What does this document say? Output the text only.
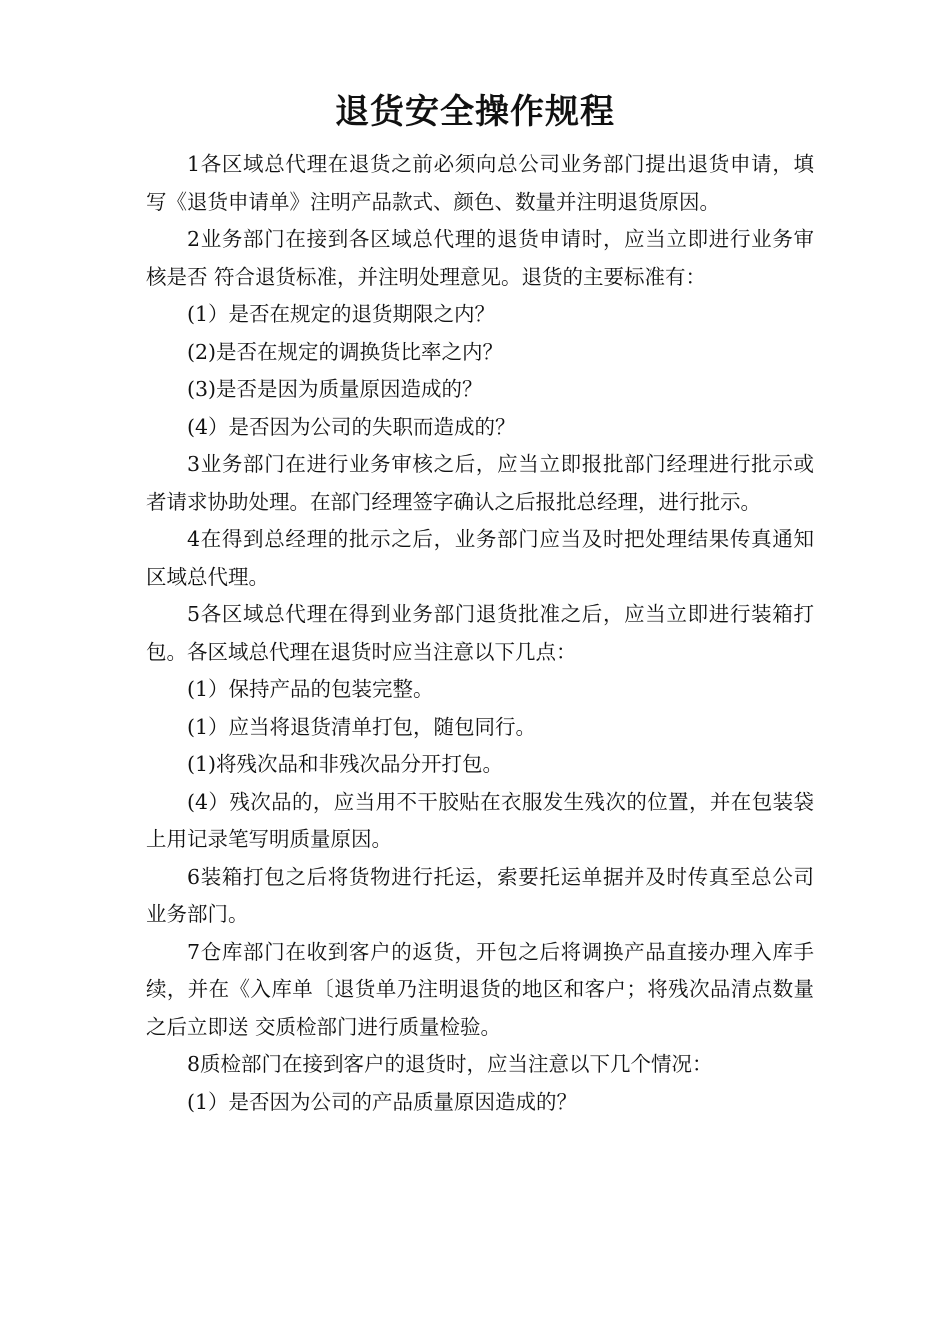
退货安全操作规程

1各区域总代理在退货之前必须向总公司业务部门提出退货申请，填写《退货申请单》注明产品款式、颜色、数量并注明退货原因。

2业务部门在接到各区域总代理的退货申请时，应当立即进行业务审核是否 符合退货标准，并注明处理意见。退货的主要标准有：

(1）是否在规定的退货期限之内？

(2)是否在规定的调换货比率之内？

(3)是否是因为质量原因造成的？

(4）是否因为公司的失职而造成的？

3业务部门在进行业务审核之后，应当立即报批部门经理进行批示或者请求协助处理。在部门经理签字确认之后报批总经理，进行批示。

4在得到总经理的批示之后，业务部门应当及时把处理结果传真通知区域总代理。

5各区域总代理在得到业务部门退货批准之后，应当立即进行装箱打包。各区域总代理在退货时应当注意以下几点：

(1）保持产品的包装完整。

(1）应当将退货清单打包，随包同行。

(1)将残次品和非残次品分开打包。

(4）残次品的，应当用不干胶贴在衣服发生残次的位置，并在包装袋上用记录笔写明质量原因。

6装箱打包之后将货物进行托运，索要托运单据并及时传真至总公司业务部门。

7仓库部门在收到客户的返货，开包之后将调换产品直接办理入库手续，并在《入库单〔退货单乃注明退货的地区和客户；将残次品清点数量之后立即送 交质检部门进行质量检验。

8质检部门在接到客户的退货时，应当注意以下几个情况：

(1）是否因为公司的产品质量原因造成的？
